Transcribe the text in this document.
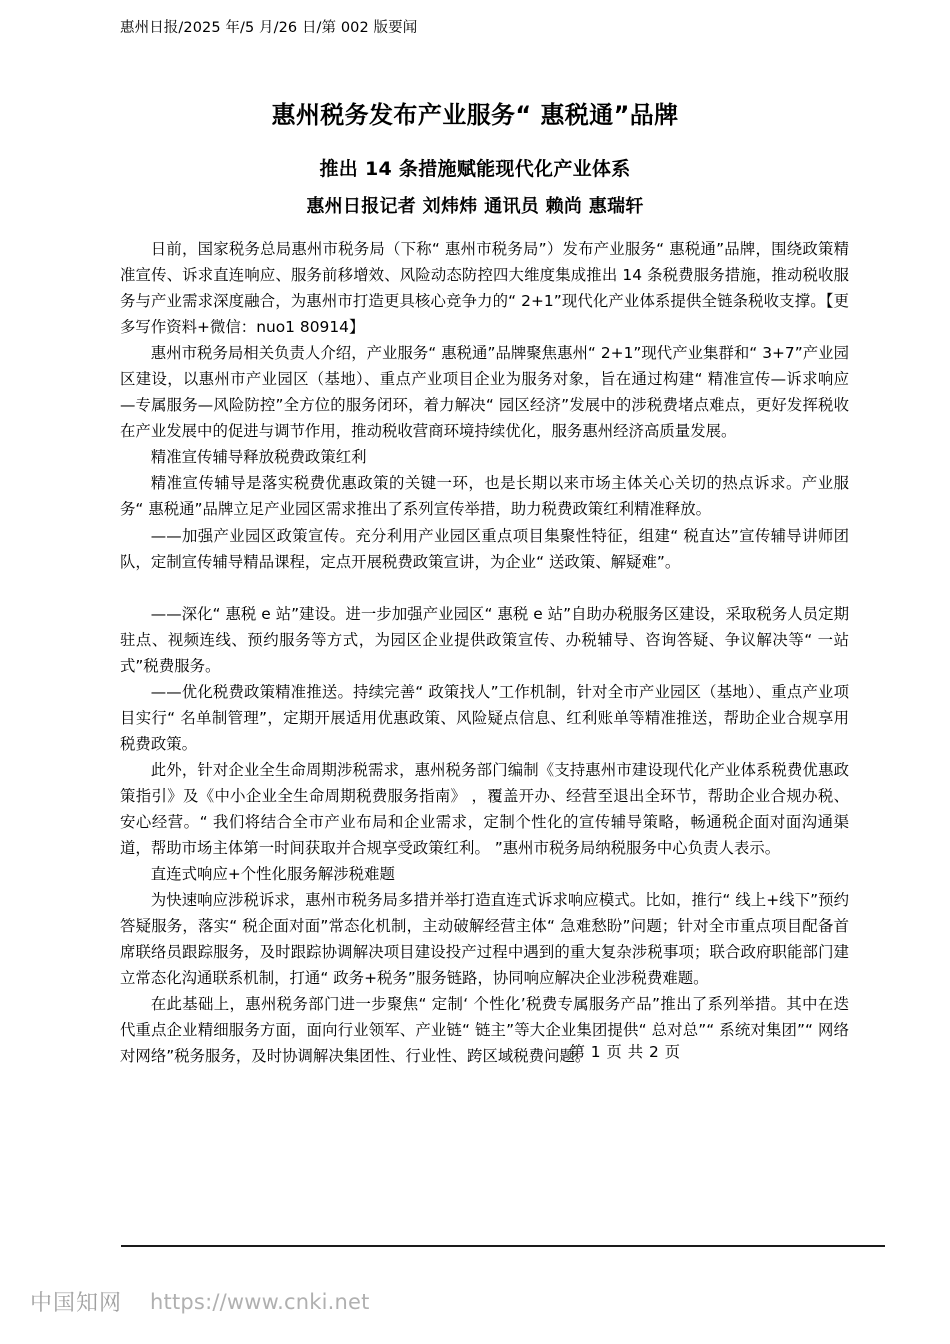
惠州日报/2025 年/5 月/26 日/第 002 版要闻
惠州税务发布产业服务“ 惠税通”品牌
推出 14 条措施赋能现代化产业体系
惠州日报记者 刘炜炜 通讯员 赖尚 惠瑞轩

日前，国家税务总局惠州市税务局（下称“ 惠州市税务局”）发布产业服务“ 惠税通”品牌，围绕政策精准宣传、诉求直连响应、服务前移增效、风险动态防控四大维度集成推出 14 条税费服务措施，推动税收服务与产业需求深度融合，为惠州市打造更具核心竞争力的“ 2+1”现代化产业体系提供全链条税收支撑。【更多写作资料+微信：nuo1 80914】

惠州市税务局相关负责人介绍，产业服务“ 惠税通”品牌聚焦惠州“ 2+1”现代产业集群和“ 3+7”产业园区建设，以惠州市产业园区（基地）、重点产业项目企业为服务对象，旨在通过构建“ 精准宣传—诉求响应—专属服务—风险防控”全方位的服务闭环，着力解决“ 园区经济”发展中的涉税费堵点难点，更好发挥税收在产业发展中的促进与调节作用，推动税收营商环境持续优化，服务惠州经济高质量发展。

精准宣传辅导释放税费政策红利

精准宣传辅导是落实税费优惠政策的关键一环，也是长期以来市场主体关心关切的热点诉求。产业服务“ 惠税通”品牌立足产业园区需求推出了系列宣传举措，助力税费政策红利精准释放。

——加强产业园区政策宣传。充分利用产业园区重点项目集聚性特征，组建“ 税直达”宣传辅导讲师团队，定制宣传辅导精品课程，定点开展税费政策宣讲，为企业“ 送政策、解疑难”。

——深化“ 惠税 e 站”建设。进一步加强产业园区“ 惠税 e 站”自助办税服务区建设，采取税务人员定期驻点、视频连线、预约服务等方式，为园区企业提供政策宣传、办税辅导、咨询答疑、争议解决等“ 一站式”税费服务。

——优化税费政策精准推送。持续完善“ 政策找人”工作机制，针对全市产业园区（基地）、重点产业项目实行“ 名单制管理”，定期开展适用优惠政策、风险疑点信息、红利账单等精准推送，帮助企业合规享用税费政策。

此外，针对企业全生命周期涉税需求，惠州税务部门编制《支持惠州市建设现代化产业体系税费优惠政策指引》及《中小企业全生命周期税费服务指南》 ，覆盖开办、经营至退出全环节，帮助企业合规办税、安心经营。“ 我们将结合全市产业布局和企业需求，定制个性化的宣传辅导策略，畅通税企面对面沟通渠道，帮助市场主体第一时间获取并合规享受政策红利。 ”惠州市税务局纳税服务中心负责人表示。

直连式响应+个性化服务解涉税难题

为快速响应涉税诉求，惠州市税务局多措并举打造直连式诉求响应模式。比如，推行“ 线上+线下”预约答疑服务，落实“ 税企面对面”常态化机制，主动破解经营主体“ 急难愁盼”问题；针对全市重点项目配备首席联络员跟踪服务，及时跟踪协调解决项目建设投产过程中遇到的重大复杂涉税事项；联合政府职能部门建立常态化沟通联系机制，打通“ 政务+税务”服务链路，协同响应解决企业涉税费难题。

在此基础上，惠州税务部门进一步聚焦“ 定制‘ 个性化’税费专属服务产品”推出了系列举措。其中在迭代重点企业精细服务方面，面向行业领军、产业链“ 链主”等大企业集团提供“ 总对总”“ 系统对集团”“ 网络对网络”税务服务，及时协调解决集团性、行业性、跨区域税费问题。

第 1 页 共 2 页
中国知网 https://www.cnki.net
